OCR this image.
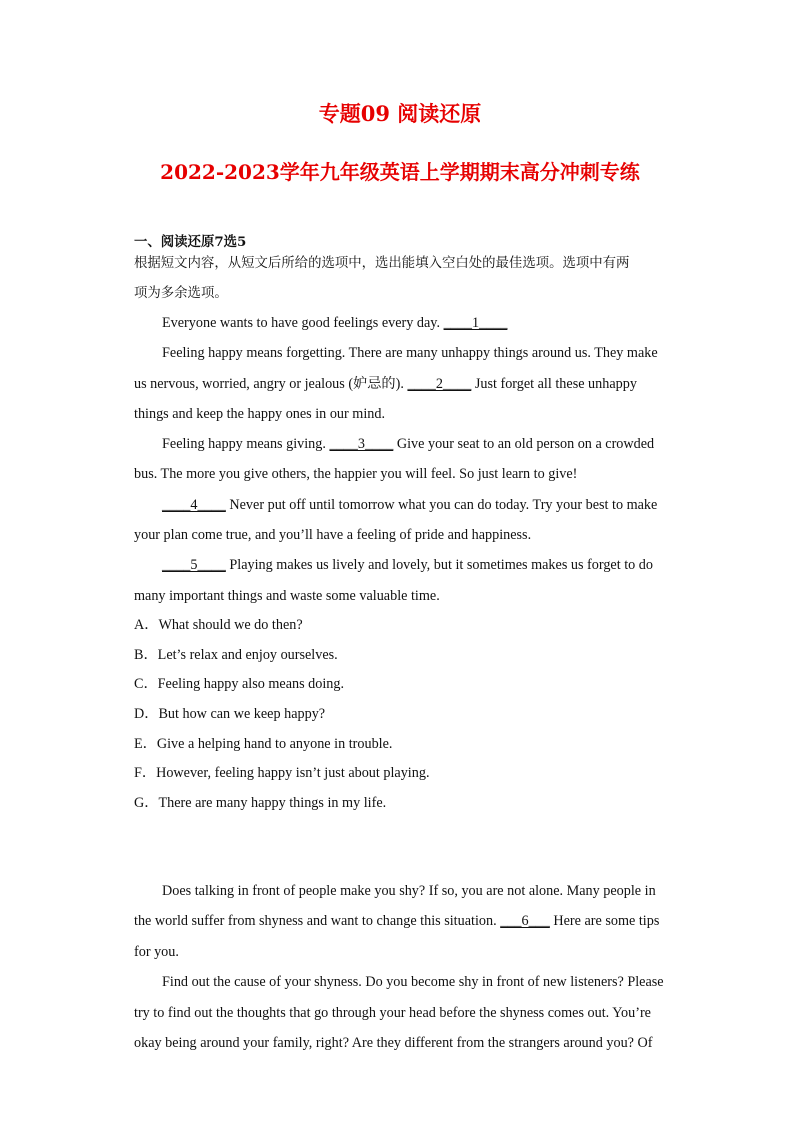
专题09 阅读还原
2022-2023学年九年级英语上学期期末高分冲刺专练
一、阅读还原7选5
根据短文内容，从短文后所给的选项中，选出能填入空白处的最佳选项。选项中有两
项为多余选项。
Everyone wants to have good feelings every day. ____1____
Feeling happy means forgetting. There are many unhappy things around us. They make
us nervous, worried, angry or jealous (妒忌的). ____2____ Just forget all these unhappy
things and keep the happy ones in our mind.
Feeling happy means giving. ____3____ Give your seat to an old person on a crowded
bus. The more you give others, the happier you will feel. So just learn to give!
____4____ Never put off until tomorrow what you can do today. Try your best to make
your plan come true, and you’ll have a feeling of pride and happiness.
____5____ Playing makes us lively and lovely, but it sometimes makes us forget to do
many important things and waste some valuable time.
A．What should we do then?
B．Let’s relax and enjoy ourselves.
C．Feeling happy also means doing.
D．But how can we keep happy?
E．Give a helping hand to anyone in trouble.
F．However, feeling happy isn’t just about playing.
G．There are many happy things in my life.
Does talking in front of people make you shy? If so, you are not alone. Many people in
the world suffer from shyness and want to change this situation. ___6___ Here are some tips
for you.
Find out the cause of your shyness. Do you become shy in front of new listeners? Please
try to find out the thoughts that go through your head before the shyness comes out. You’re
okay being around your family, right? Are they different from the strangers around you? Of
